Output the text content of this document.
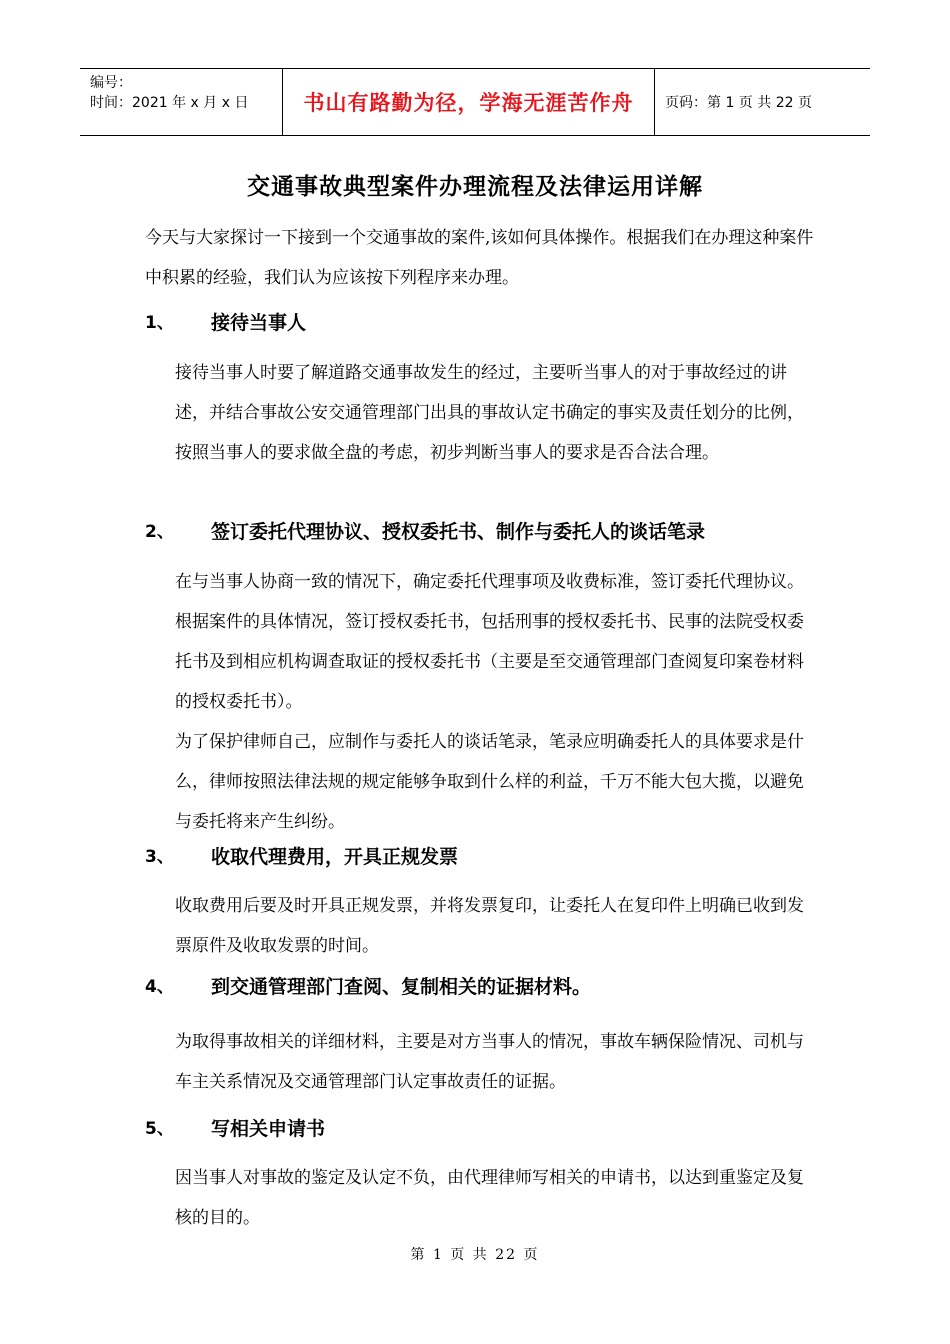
编号：
时间：2021 年 x 月 x 日	书山有路勤为径，学海无涯苦作舟	页码：第 1 页 共 22 页
交通事故典型案件办理流程及法律运用详解
今天与大家探讨一下接到一个交通事故的案件,该如何具体操作。根据我们在办理这种案件中积累的经验，我们认为应该按下列程序来办理。
1、	接待当事人

接待当事人时要了解道路交通事故发生的经过，主要听当事人的对于事故经过的讲述，并结合事故公安交通管理部门出具的事故认定书确定的事实及责任划分的比例，按照当事人的要求做全盘的考虑，初步判断当事人的要求是否合法合理。

2、	签订委托代理协议、授权委托书、制作与委托人的谈话笔录

在与当事人协商一致的情况下，确定委托代理事项及收费标准，签订委托代理协议。根据案件的具体情况，签订授权委托书，包括刑事的授权委托书、民事的法院受权委托书及到相应机构调查取证的授权委托书（主要是至交通管理部门查阅复印案卷材料的授权委托书）。

为了保护律师自己，应制作与委托人的谈话笔录，笔录应明确委托人的具体要求是什么，律师按照法律法规的规定能够争取到什么样的利益，千万不能大包大揽，以避免与委托将来产生纠纷。

3、	收取代理费用，开具正规发票

收取费用后要及时开具正规发票，并将发票复印，让委托人在复印件上明确已收到发票原件及收取发票的时间。

4、	到交通管理部门查阅、复制相关的证据材料。

为取得事故相关的详细材料，主要是对方当事人的情况，事故车辆保险情况、司机与车主关系情况及交通管理部门认定事故责任的证据。

5、	写相关申请书

因当事人对事故的鉴定及认定不负，由代理律师写相关的申请书，以达到重鉴定及复核的目的。

第 1 页 共 22 页
